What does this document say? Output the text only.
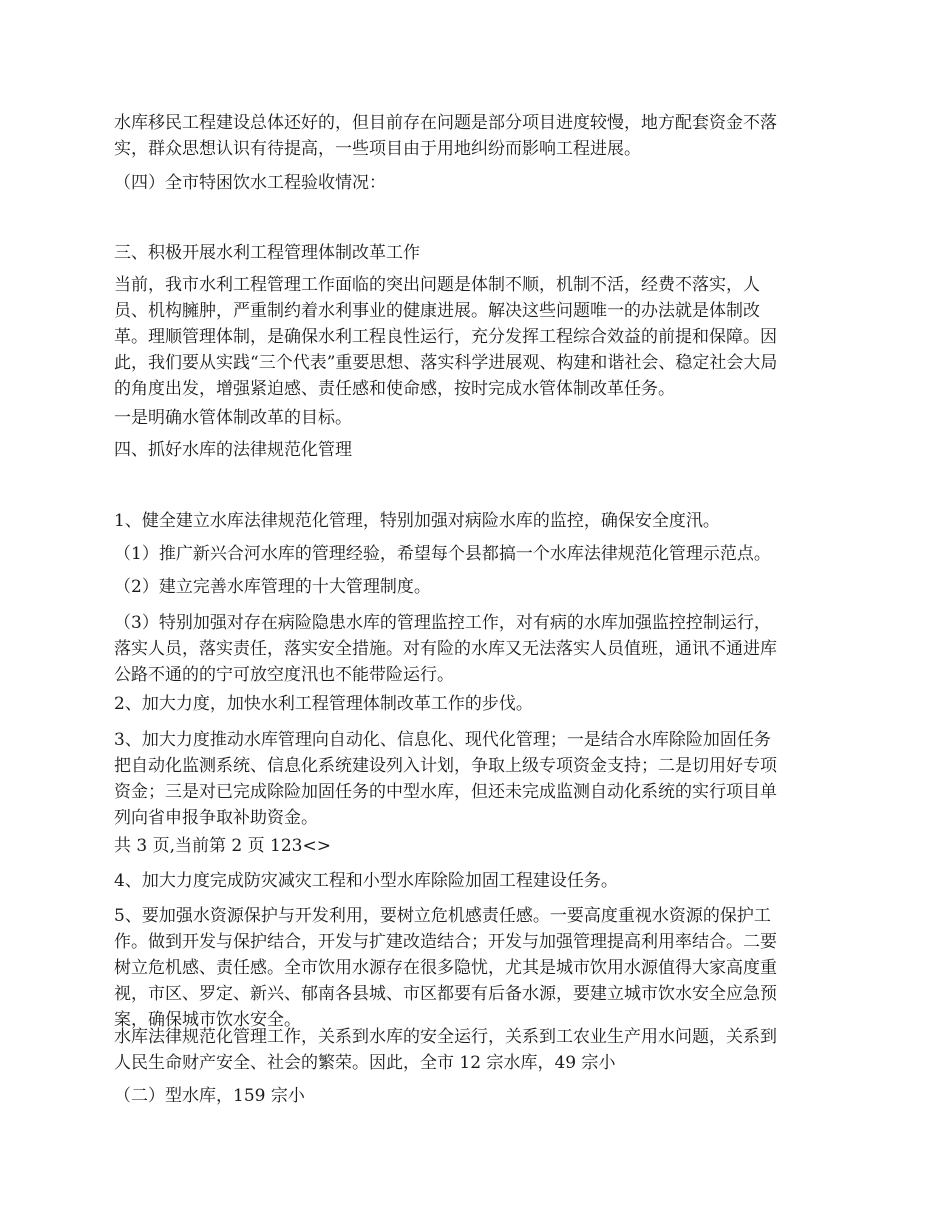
水库移民工程建设总体还好的，但目前存在问题是部分项目进度较慢，地方配套资金不落
实，群众思想认识有待提高，一些项目由于用地纠纷而影响工程进展。

（四）全市特困饮水工程验收情况：

三、积极开展水利工程管理体制改革工作

当前，我市水利工程管理工作面临的突出问题是体制不顺，机制不活，经费不落实，人
员、机构臃肿，严重制约着水利事业的健康进展。解决这些问题唯一的办法就是体制改
革。理顺管理体制，是确保水利工程良性运行，充分发挥工程综合效益的前提和保障。因
此，我们要从实践“三个代表”重要思想、落实科学进展观、构建和谐社会、稳定社会大局
的角度出发，增强紧迫感、责任感和使命感，按时完成水管体制改革任务。

一是明确水管体制改革的目标。

四、抓好水库的法律规范化管理

1、健全建立水库法律规范化管理，特别加强对病险水库的监控，确保安全度汛。

（1）推广新兴合河水库的管理经验，希望每个县都搞一个水库法律规范化管理示范点。

（2）建立完善水库管理的十大管理制度。

（3）特别加强对存在病险隐患水库的管理监控工作，对有病的水库加强监控控制运行，
落实人员，落实责任，落实安全措施。对有险的水库又无法落实人员值班，通讯不通进库
公路不通的的宁可放空度汛也不能带险运行。

2、加大力度，加快水利工程管理体制改革工作的步伐。

3、加大力度推动水库管理向自动化、信息化、现代化管理；一是结合水库除险加固任务
把自动化监测系统、信息化系统建设列入计划，争取上级专项资金支持；二是切用好专项
资金；三是对已完成除险加固任务的中型水库，但还未完成监测自动化系统的实行项目单
列向省申报争取补助资金。

共 3 页,当前第 2 页 123<>

4、加大力度完成防灾减灾工程和小型水库除险加固工程建设任务。

5、要加强水资源保护与开发利用，要树立危机感责任感。一要高度重视水资源的保护工
作。做到开发与保护结合，开发与扩建改造结合；开发与加强管理提高利用率结合。二要
树立危机感、责任感。全市饮用水源存在很多隐忧，尤其是城市饮用水源值得大家高度重
视，市区、罗定、新兴、郁南各县城、市区都要有后备水源，要建立城市饮水安全应急预
案，确保城市饮水安全。

水库法律规范化管理工作，关系到水库的安全运行，关系到工农业生产用水问题，关系到
人民生命财产安全、社会的繁荣。因此，全市 12 宗水库，49 宗小

（二）型水库，159 宗小
